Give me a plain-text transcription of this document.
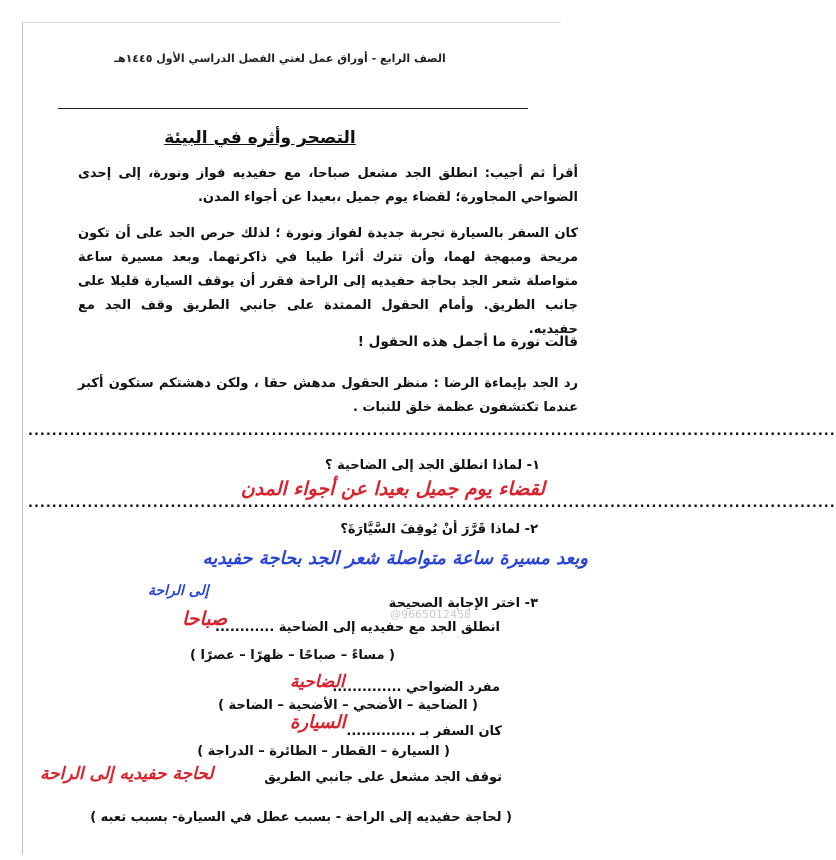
الصف الرابع - أوراق عمل لغتي الفصل الدراسي الأول ١٤٤٥هـ
التصحر وأثره في البيئة
أقرأ ثم أجيب: انطلق الجد مشعل صباحا، مع حفيديه فواز ونورة، إلى إحدى الضواحي المجاورة؛ لقضاء يوم جميل ،بعيدا عن أجواء المدن.
كان السفر بالسيارة تجربة جديدة لفواز ونورة ؛ لذلك حرص الجد على أن تكون مريحة ومبهجة لهما، وأن تترك أثرا طيبا في ذاكرتهما. وبعد مسيرة ساعة متواصلة شعر الجد بحاجة حفيديه إلى الراحة فقرر أن يوقف السيارة قليلا على جانب الطريق. وأمام الحقول الممتدة على جانبي الطريق وقف الجد مع حفيديه.
قالت نورة ما أجمل هذه الحقول !
رد الجد بإيماءة الرضا : منظر الحقول مدهش حقا ، ولكن دهشتكم ستكون أكبر عندما تكتشفون عظمة خلق للنبات .
........................................................................................................................................
١- لماذا انطلق الجد إلى الضاحية ؟
........................................................................................................................................
لقضاء يوم جميل بعيدا عن أجواء المدن
٢- لماذا قَرَّرَ أنْ يُوقِفَ السَّيَّارَةَ؟
وبعد مسيرة ساعة متواصلة شعر الجد بحاجة حفيديه
إلى الراحة
٣- اختر الإجابة الصحيحة
@9665012458
انطلق الجد مع حفيديه إلى الضاحية ............
صباحا
( مساءً – صباحًا – ظهرًا – عصرًا )
مفرد الضواحي ..............
الضاحية
( الضاحية – الأضحي – الأضحية – الضاحة )
كان السفر بـ ..............
السيارة
( السيارة – القطار – الطائرة – الدراجة )
توقف الجد مشعل على جانبي الطريق
لحاجة حفيديه إلى الراحة
( لحاجة حفيديه إلى الراحة - بسبب عطل في السيارة- بسبب تعبه )
